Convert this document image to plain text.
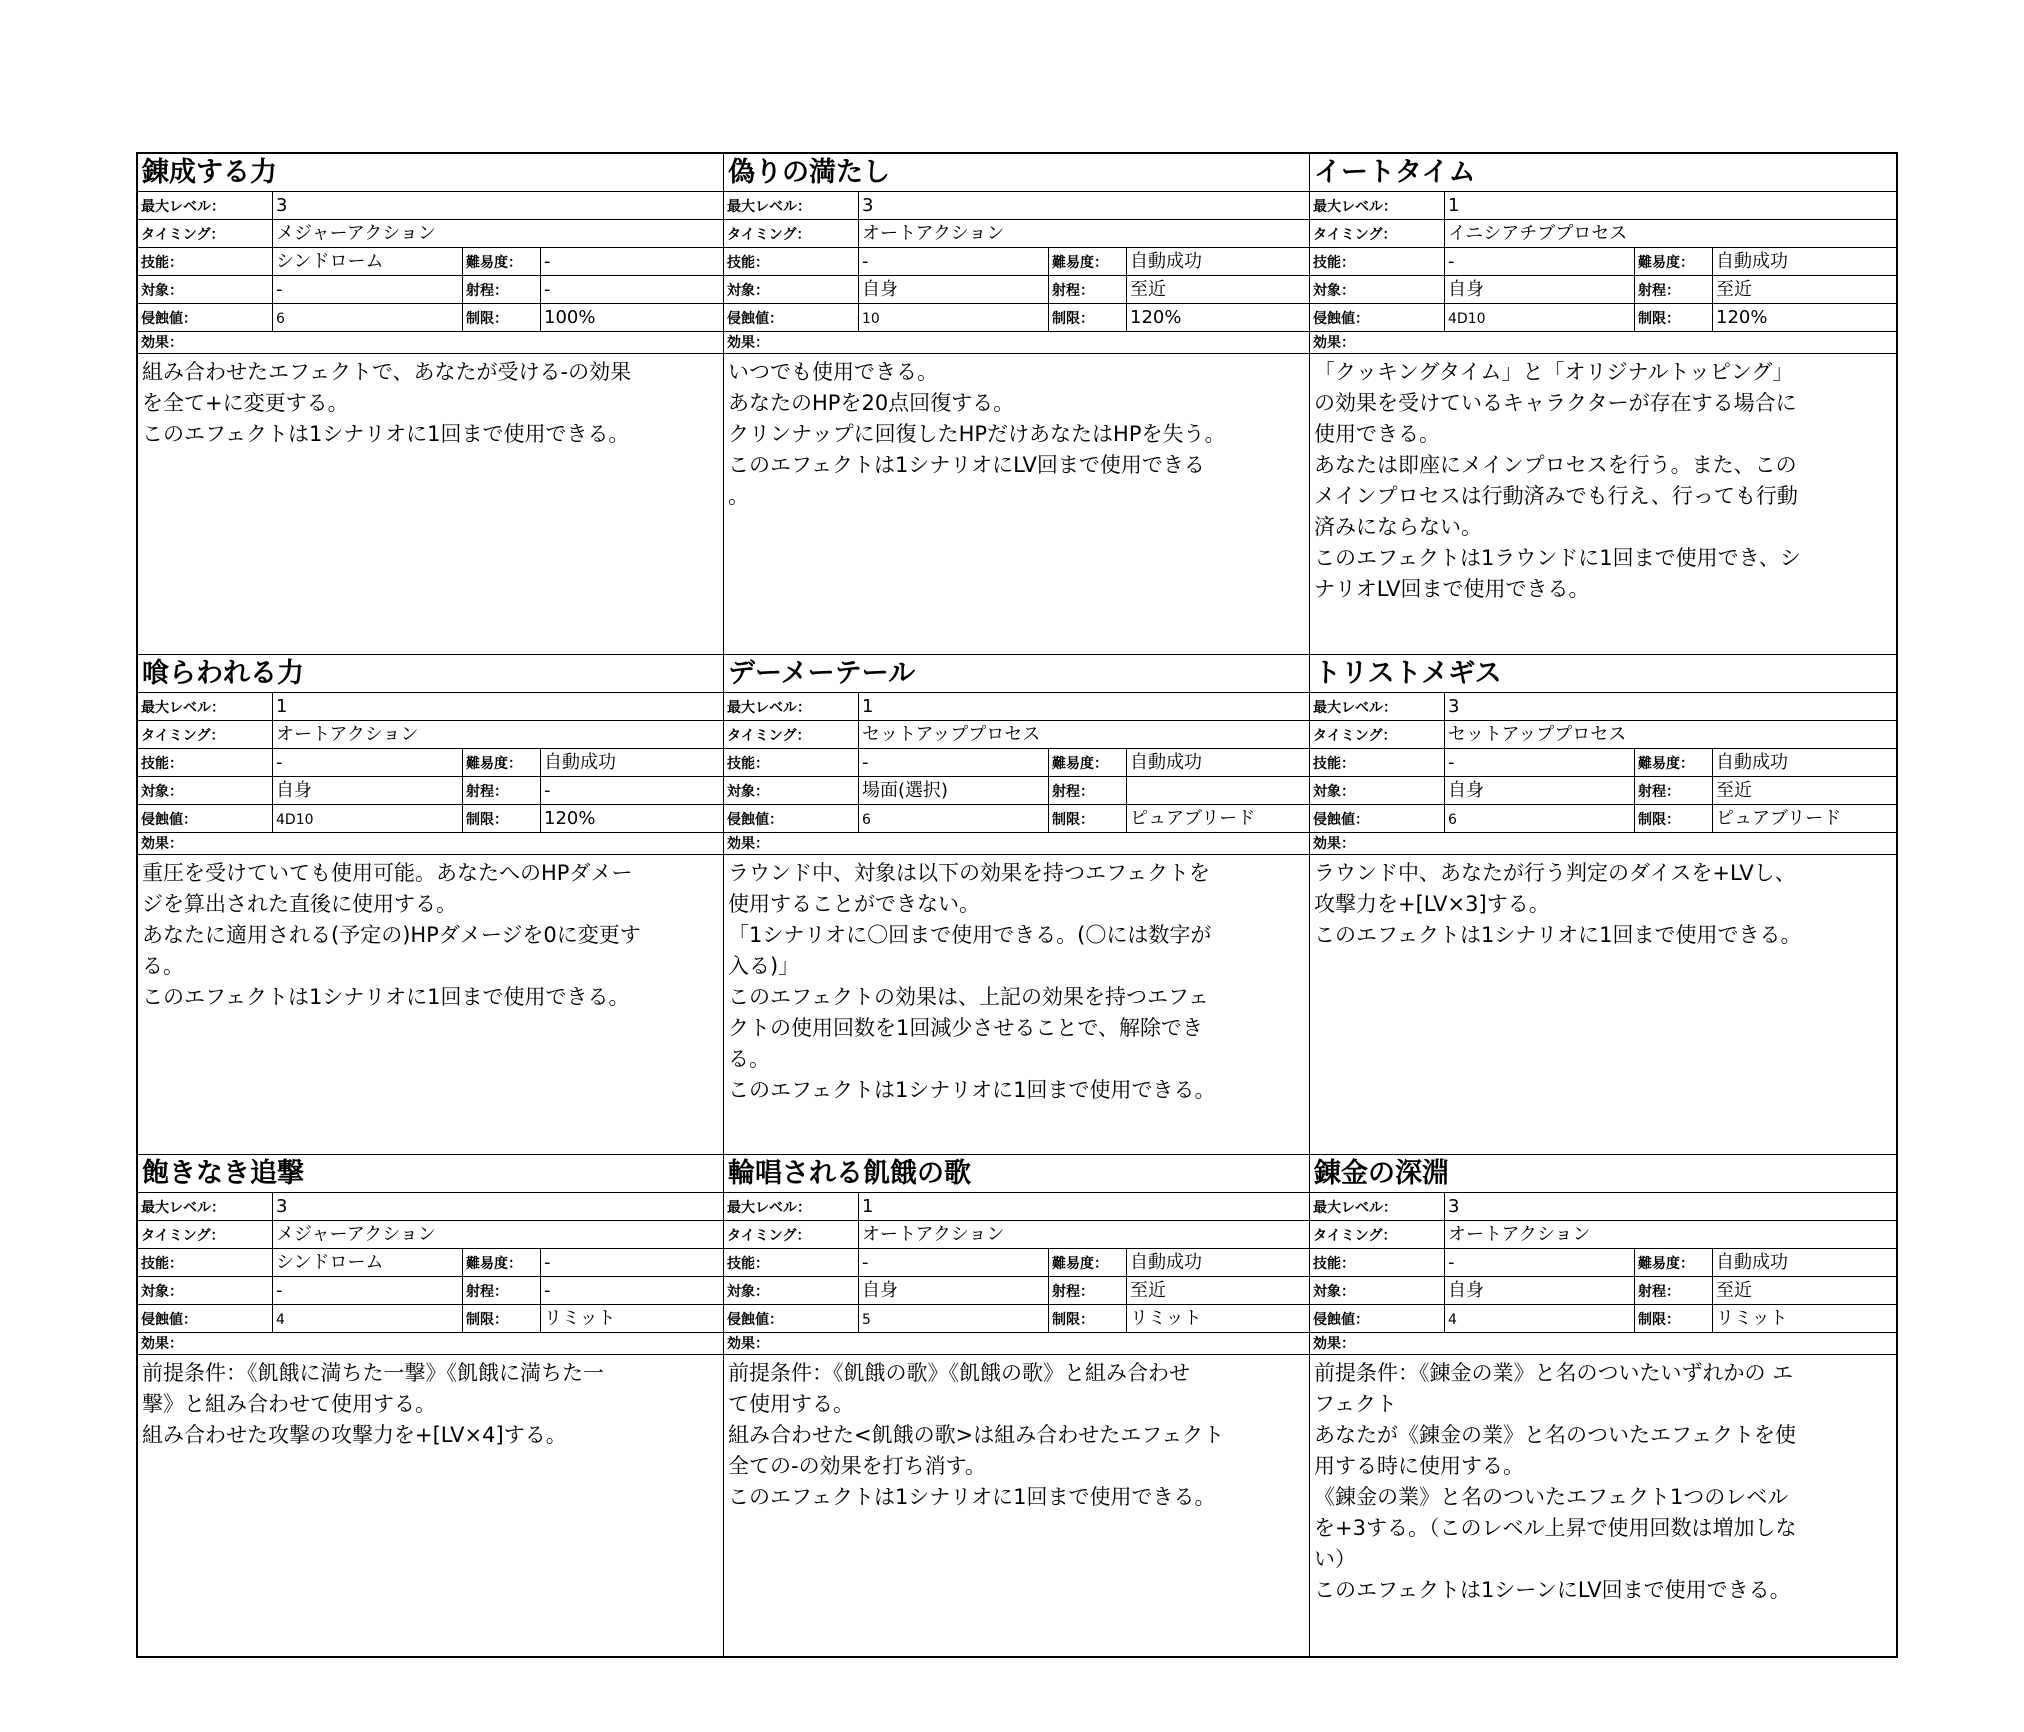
錬成する力
最大レベル：	3
タイミング：	メジャーアクション
技能：	シンドローム	難易度：	-
対象：	-	射程：	-
侵蝕値：	6	制限：	100%
効果：
組み合わせたエフェクトで、あなたが受ける-の効果
を全て+に変更する。
このエフェクトは1シナリオに1回まで使用できる。
偽りの満たし
最大レベル：	3
タイミング：	オートアクション
技能：	-	難易度：	自動成功
対象：	自身	射程：	至近
侵蝕値：	10	制限：	120%
効果：
いつでも使用できる。
あなたのHPを20点回復する。
クリンナップに回復したHPだけあなたはHPを失う。
このエフェクトは1シナリオにLV回まで使用できる
。
イートタイム
最大レベル：	1
タイミング：	イニシアチブプロセス
技能：	-	難易度：	自動成功
対象：	自身	射程：	至近
侵蝕値：	4D10	制限：	120%
効果：
「クッキングタイム」と「オリジナルトッピング」
の効果を受けているキャラクターが存在する場合に
使用できる。
あなたは即座にメインプロセスを行う。また、この
メインプロセスは行動済みでも行え、行っても行動
済みにならない。
このエフェクトは1ラウンドに1回まで使用でき、シ
ナリオLV回まで使用できる。
喰らわれる力
最大レベル：	1
タイミング：	オートアクション
技能：	-	難易度：	自動成功
対象：	自身	射程：	-
侵蝕値：	4D10	制限：	120%
効果：
重圧を受けていても使用可能。あなたへのHPダメー
ジを算出された直後に使用する。
あなたに適用される(予定の)HPダメージを0に変更す
る。
このエフェクトは1シナリオに1回まで使用できる。
デーメーテール
最大レベル：	1
タイミング：	セットアッププロセス
技能：	-	難易度：	自動成功
対象：	場面(選択)	射程：
侵蝕値：	6	制限：	ピュアブリード
効果：
ラウンド中、対象は以下の効果を持つエフェクトを
使用することができない。
「1シナリオに〇回まで使用できる。(〇には数字が
入る)」
このエフェクトの効果は、上記の効果を持つエフェ
クトの使用回数を1回減少させることで、解除でき
る。
このエフェクトは1シナリオに1回まで使用できる。
トリストメギス
最大レベル：	3
タイミング：	セットアッププロセス
技能：	-	難易度：	自動成功
対象：	自身	射程：	至近
侵蝕値：	6	制限：	ピュアブリード
効果：
ラウンド中、あなたが行う判定のダイスを+LVし、
攻撃力を+[LV×3]する。
このエフェクトは1シナリオに1回まで使用できる。
飽きなき追撃
最大レベル：	3
タイミング：	メジャーアクション
技能：	シンドローム	難易度：	-
対象：	-	射程：	-
侵蝕値：	4	制限：	リミット
効果：
前提条件：《飢餓に満ちた一撃》《飢餓に満ちた一
撃》と組み合わせて使用する。
組み合わせた攻撃の攻撃力を+[LV×4]する。
輪唱される飢餓の歌
最大レベル：	1
タイミング：	オートアクション
技能：	-	難易度：	自動成功
対象：	自身	射程：	至近
侵蝕値：	5	制限：	リミット
効果：
前提条件：《飢餓の歌》《飢餓の歌》と組み合わせ
て使用する。
組み合わせた<飢餓の歌>は組み合わせたエフェクト
全ての-の効果を打ち消す。
このエフェクトは1シナリオに1回まで使用できる。
錬金の深淵
最大レベル：	3
タイミング：	オートアクション
技能：	-	難易度：	自動成功
対象：	自身	射程：	至近
侵蝕値：	4	制限：	リミット
効果：
前提条件：《錬金の業》と名のついたいずれかの エ
フェクト
あなたが《錬金の業》と名のついたエフェクトを使
用する時に使用する。
《錬金の業》と名のついたエフェクト1つのレベル
を+3する。（このレベル上昇で使用回数は増加しな
い）
このエフェクトは1シーンにLV回まで使用できる。
